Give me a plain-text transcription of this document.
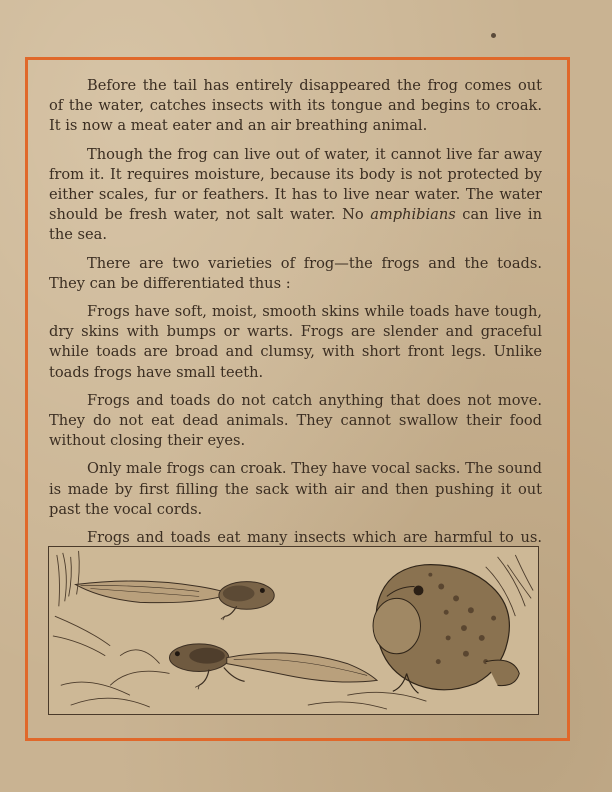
Before the tail has entirely disappeared the frog comes out of the water, catches insects with its tongue and begins to croak. It is now a meat eater and an air breathing animal.

Though the frog can live out of water, it cannot live far away from it. It requires moisture, because its body is not protected by either scales, fur or feathers. It has to live near water. The water should be fresh water, not salt water. No amphibians can live in the sea.

There are two varieties of frog—the frogs and the toads. They can be differentiated thus :

Frogs have soft, moist, smooth skins while toads have tough, dry skins with bumps or warts. Frogs are slender and graceful while toads are broad and clumsy, with short front legs. Unlike toads frogs have small teeth.

Frogs and toads do not catch anything that does not move. They do not eat dead animals. They cannot swallow their food without closing their eyes.

Only male frogs can croak. They have vocal sacks. The sound is made by first filling the sack with air and then pushing it out past the vocal cords.

Frogs and toads eat many insects which are harmful to us.
